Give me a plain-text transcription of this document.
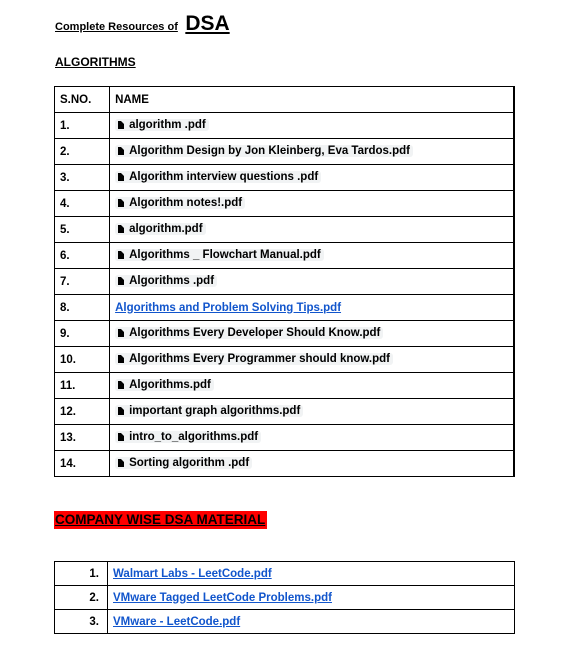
Complete Resources of DSA
ALGORITHMS
S.NO.	NAME	
1.	algorithm .pdf	

2.	Algorithm Design by Jon Kleinberg, Eva Tardos.pdf	

3.	Algorithm interview questions .pdf	

4.	Algorithm notes!.pdf	

5.	algorithm.pdf	

6.	Algorithms _ Flowchart Manual.pdf	

7.	Algorithms .pdf	

8.	Algorithms and Problem Solving Tips.pdf	
9.	Algorithms Every Developer Should Know.pdf	

10.	Algorithms Every Programmer should know.pdf	

11.	Algorithms.pdf	

12.	important graph algorithms.pdf	

13.	intro_to_algorithms.pdf	

14.	Sorting algorithm .pdf	

COMPANY WISE DSA MATERIAL
1.	Walmart Labs - LeetCode.pdf
2.	VMware Tagged LeetCode Problems.pdf
3.	VMware - LeetCode.pdf
